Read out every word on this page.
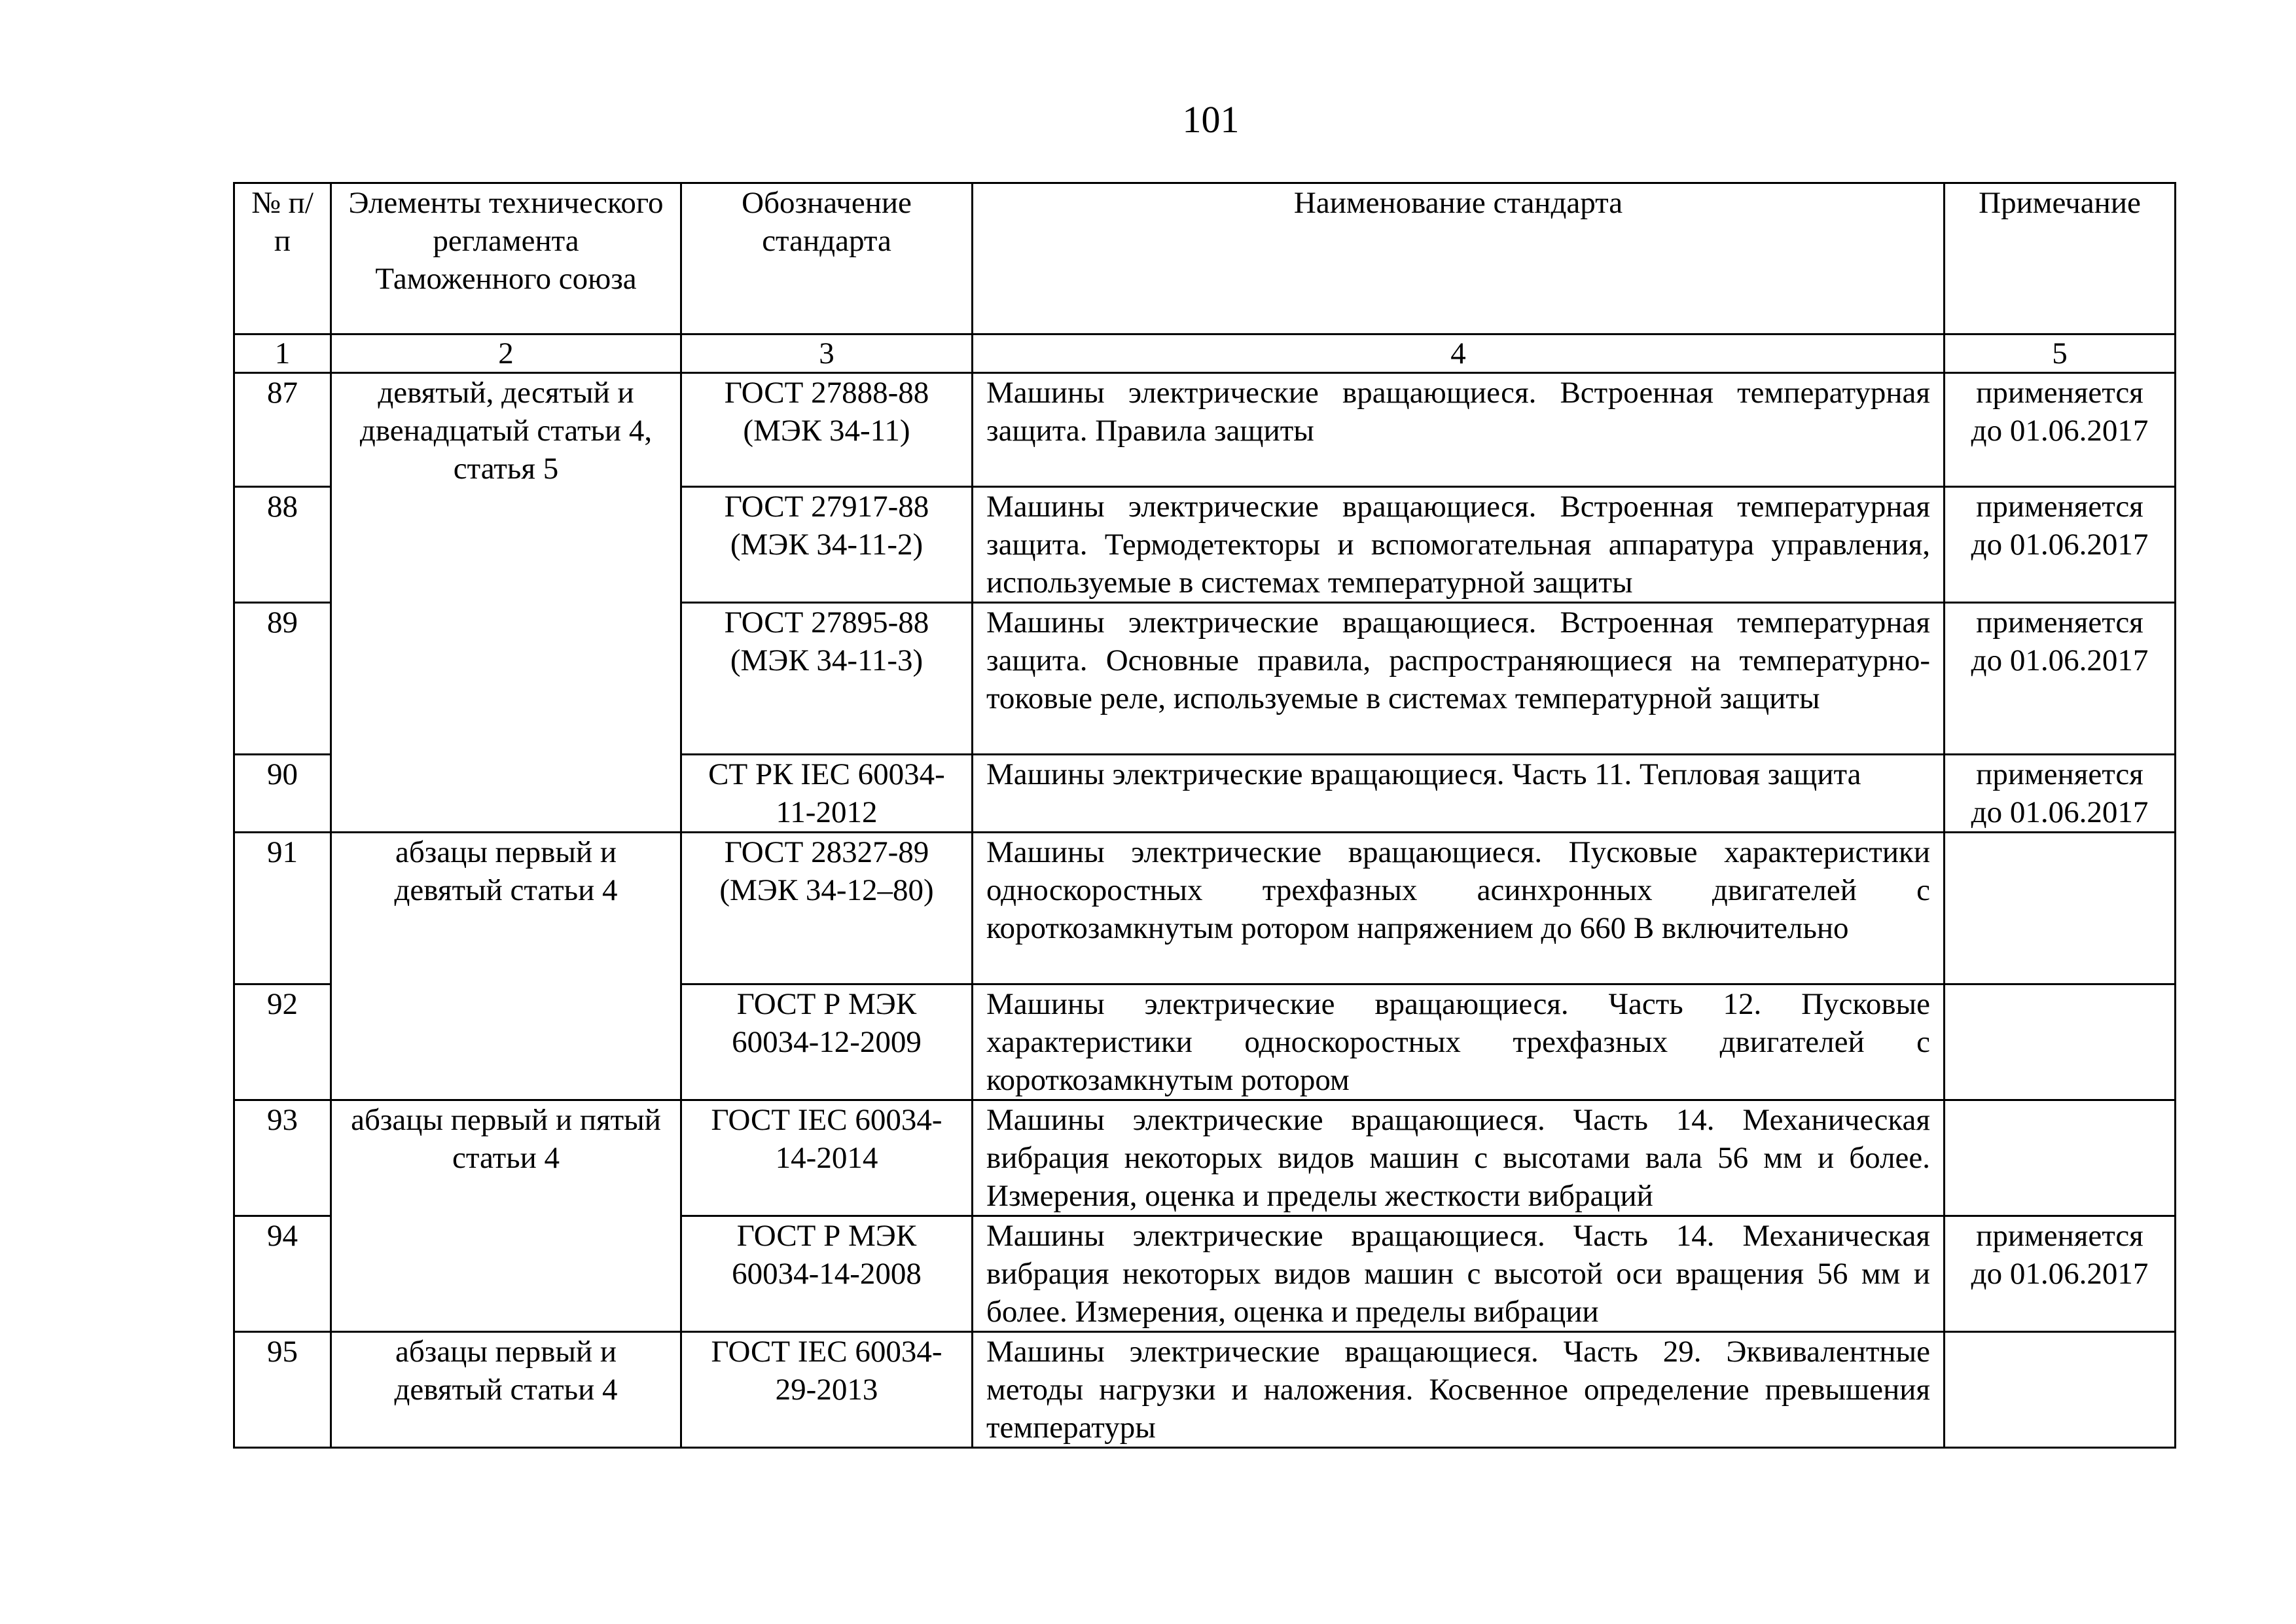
101
№ п/п	Элементы технического регламента Таможенного союза	Обозначение стандарта	Наименование стандарта	Примечание
1	2	3	4	5
87	девятый, десятый и двенадцатый статьи 4, статья 5	ГОСТ 27888-88 (МЭК 34-11)	Машины электрические вращающиеся. Встроенная температурная защита. Правила защиты	применяется до 01.06.2017
88		ГОСТ 27917-88 (МЭК 34-11-2)	Машины электрические вращающиеся. Встроенная температурная защита. Термодетекторы и вспомогательная аппаратура управления, используемые в системах температурной защиты	применяется до 01.06.2017
89		ГОСТ 27895-88 (МЭК 34-11-3)	Машины электрические вращающиеся. Встроенная температурная защита. Основные правила, распространяющиеся на температурно-токовые реле, используемые в системах температурной защиты	применяется до 01.06.2017
90		СТ РК IEC 60034-11-2012	Машины электрические вращающиеся. Часть 11. Тепловая защита	применяется до 01.06.2017
91	абзацы первый и девятый статьи 4	ГОСТ 28327-89 (МЭК 34-12–80)	Машины электрические вращающиеся. Пусковые характеристики односкоростных трехфазных асинхронных двигателей с короткозамкнутым ротором напряжением до 660 В включительно	
92		ГОСТ Р МЭК 60034-12-2009	Машины электрические вращающиеся. Часть 12. Пусковые характеристики односкоростных трехфазных двигателей с короткозамкнутым ротором	
93	абзацы первый и пятый статьи 4	ГОСТ IEC 60034-14-2014	Машины электрические вращающиеся. Часть 14. Механическая вибрация некоторых видов машин с высотами вала 56 мм и более. Измерения, оценка и пределы жесткости вибраций	
94		ГОСТ Р МЭК 60034-14-2008	Машины электрические вращающиеся. Часть 14. Механическая вибрация некоторых видов машин с высотой оси вращения 56 мм и более. Измерения, оценка и пределы вибрации	применяется до 01.06.2017
95	абзацы первый и девятый статьи 4	ГОСТ IEC 60034-29-2013	Машины электрические вращающиеся. Часть 29. Эквивалентные методы нагрузки и наложения. Косвенное определение превышения температуры	
